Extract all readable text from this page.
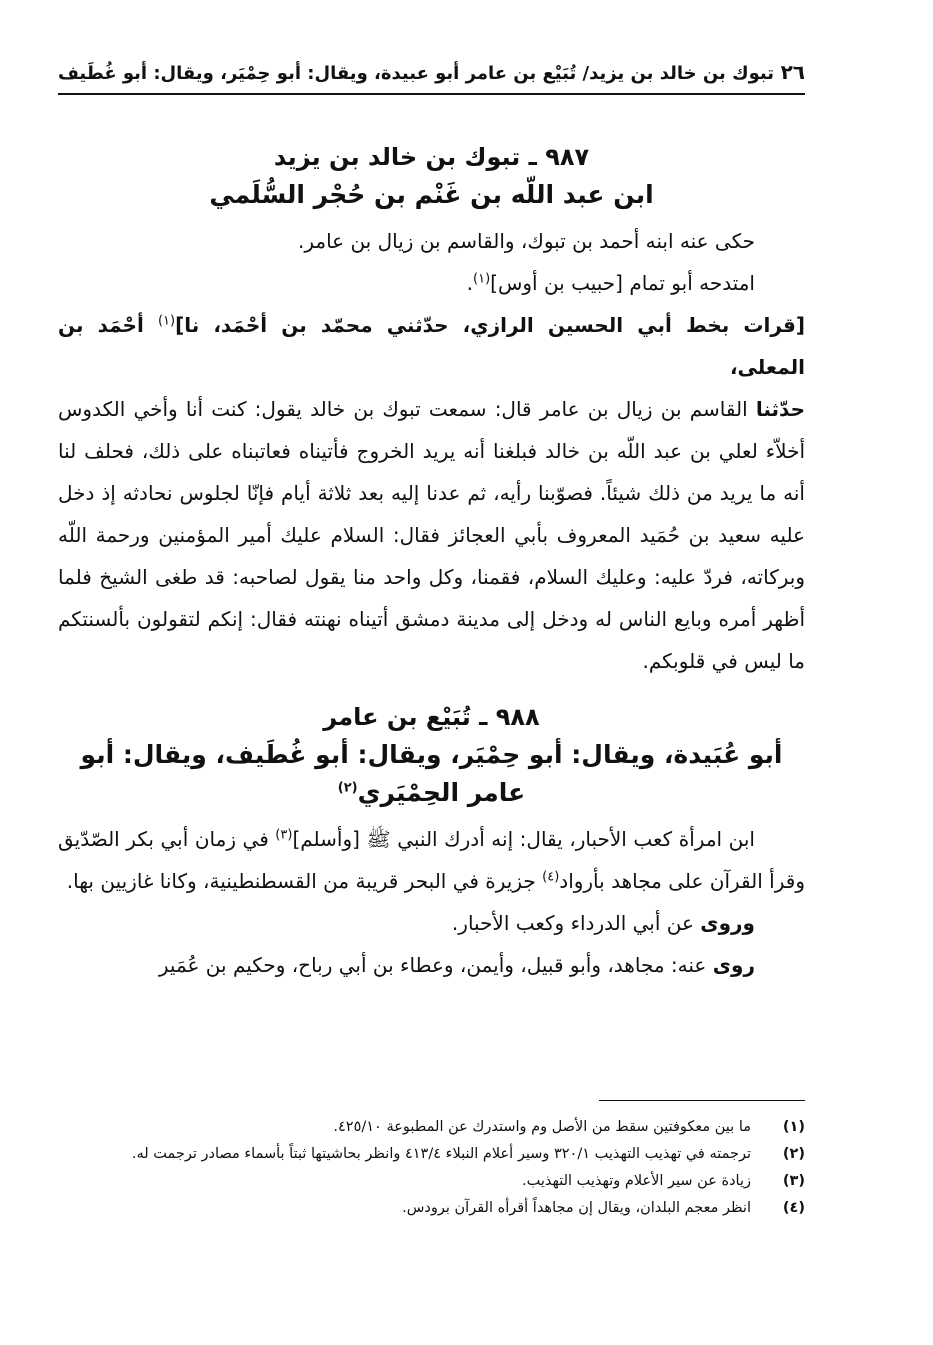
٢٦
تبوك بن خالد بن يزيد/ تُبَيْع بن عامر أبو عبيدة، ويقال: أبو حِمْيَر، ويقال: أبو غُطَيف
٩٨٧ ـ تبوك بن خالد بن يزيد
ابن عبد اللّه بن غَنْم بن حُجْر السُّلَمي

حكى عنه ابنه أحمد بن تبوك، والقاسم بن زيال بن عامر.

امتدحه أبو تمام [حبيب بن أوس]$^{(١)}$.

[قرات بخط أبي الحسين الرازي، حدّثني محمّد بن أحْمَد، نا]$^{(١)}$ أحْمَد بن المعلى،

حدّثنا القاسم بن زيال بن عامر قال: سمعت تبوك بن خالد يقول: كنت أنا وأخي الكدوس أخلاّء لعلي بن عبد اللّه بن خالد فبلغنا أنه يريد الخروج فأتيناه فعاتبناه على ذلك، فحلف لنا أنه ما يريد من ذلك شيئاً. فصوّبنا رأيه، ثم عدنا إليه بعد ثلاثة أيام فإنّا لجلوس نحادثه إذ دخل عليه سعيد بن حُمَيد المعروف بأبي العجائز فقال: السلام عليك أمير المؤمنين ورحمة اللّه وبركاته، فردّ عليه: وعليك السلام، فقمنا، وكل واحد منا يقول لصاحبه: قد طغى الشيخ فلما أظهر أمره وبايع الناس له ودخل إلى مدينة دمشق أتيناه نهنته فقال: إنكم لتقولون بألسنتكم ما ليس في قلوبكم.

٩٨٨ ـ تُبَيْع بن عامر
أبو عُبَيدة، ويقال: أبو حِمْيَر، ويقال: أبو غُطَيف، ويقال: أبو عامر الحِمْيَري$^{(٢)}$

ابن امرأة كعب الأحبار، يقال: إنه أدرك النبي ﷺ [وأسلم]$^{(٣)}$ في زمان أبي بكر الصّدّيق وقرأ القرآن على مجاهد بأرواد$^{(٤)}$ جزيرة في البحر قريبة من القسطنطينية، وكانا غازيين بها.

وروى عن أبي الدرداء وكعب الأحبار.

روى عنه: مجاهد، وأبو قبيل، وأيمن، وعطاء بن أبي رباح، وحكيم بن عُمَير

(١)
ما بين معكوفتين سقط من الأصل وم واستدرك عن المطبوعة ٤٢٥/١٠.

(٢)
ترجمته في تهذيب التهذيب ٣٢٠/١ وسير أعلام النبلاء ٤١٣/٤ وانظر بحاشيتها ثبتاً بأسماء مصادر ترجمت له.

(٣)
زيادة عن سير الأعلام وتهذيب التهذيب.

(٤)
انظر معجم البلدان، ويقال إن مجاهداً أقرأه القرآن برودس.
